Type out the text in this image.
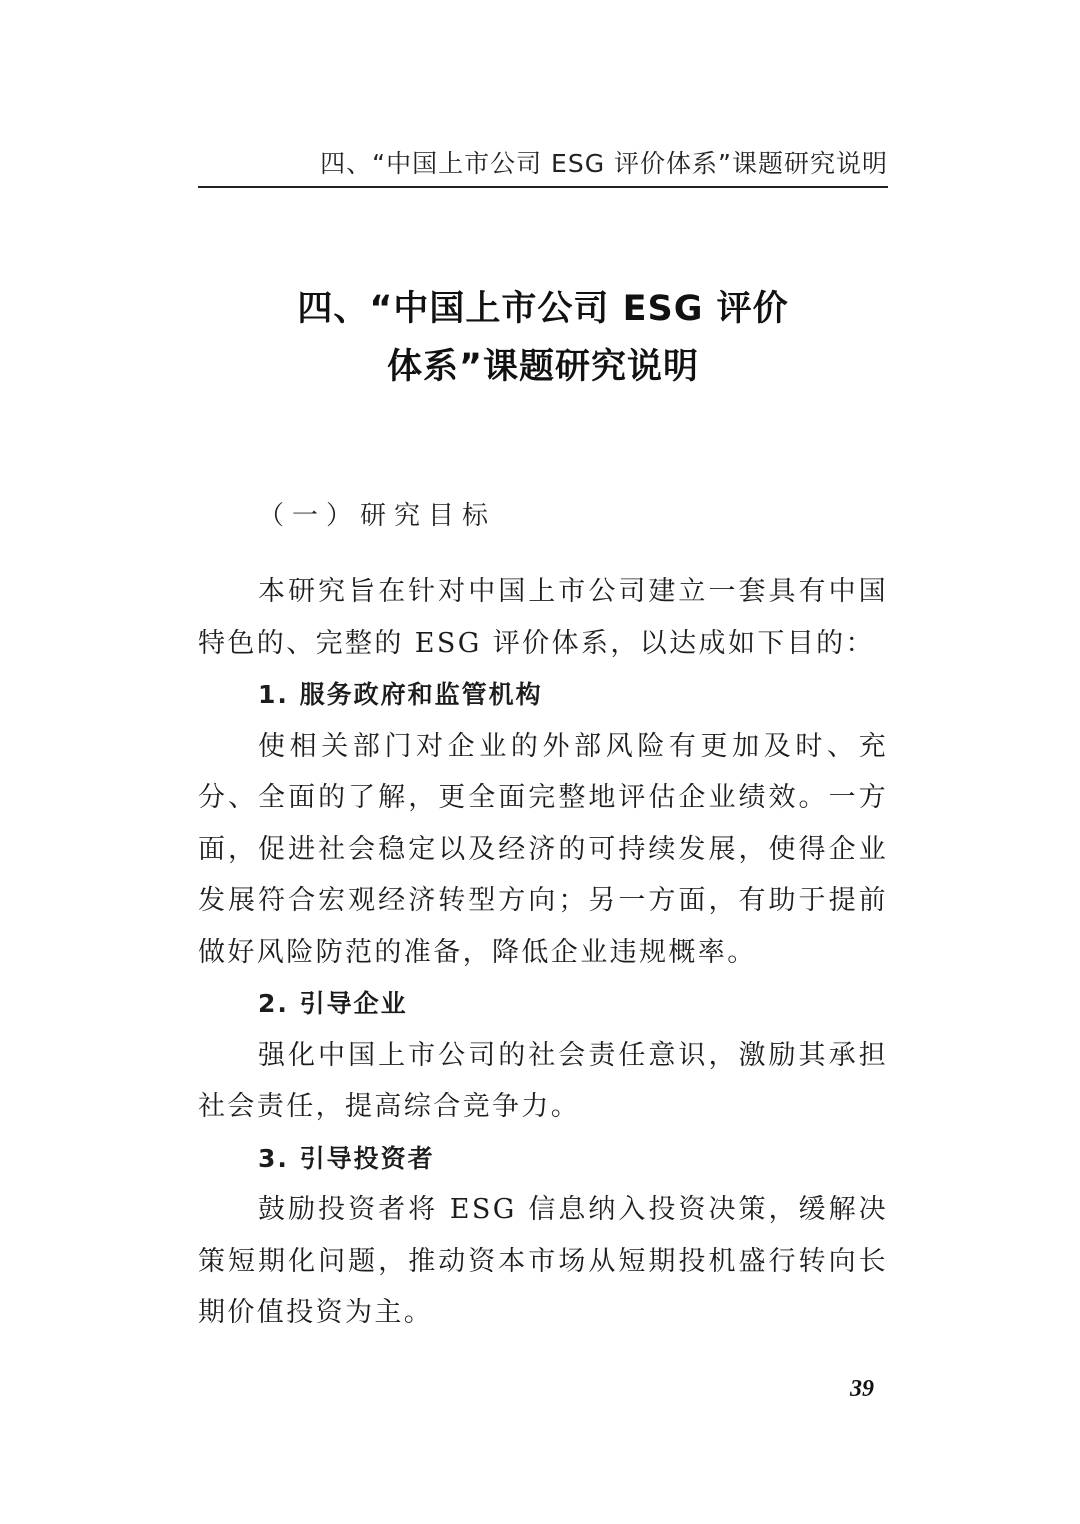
四、“中国上市公司 ESG 评价体系”课题研究说明
四、“中国上市公司 ESG 评价
体系”课题研究说明
（一）研究目标

本研究旨在针对中国上市公司建立一套具有中国特色的、完整的 ESG 评价体系，以达成如下目的：

1. 服务政府和监管机构

使相关部门对企业的外部风险有更加及时、充分、全面的了解，更全面完整地评估企业绩效。一方面，促进社会稳定以及经济的可持续发展，使得企业发展符合宏观经济转型方向；另一方面，有助于提前做好风险防范的准备，降低企业违规概率。

2. 引导企业

强化中国上市公司的社会责任意识，激励其承担社会责任，提高综合竞争力。

3. 引导投资者

鼓励投资者将 ESG 信息纳入投资决策，缓解决策短期化问题，推动资本市场从短期投机盛行转向长期价值投资为主。

39
